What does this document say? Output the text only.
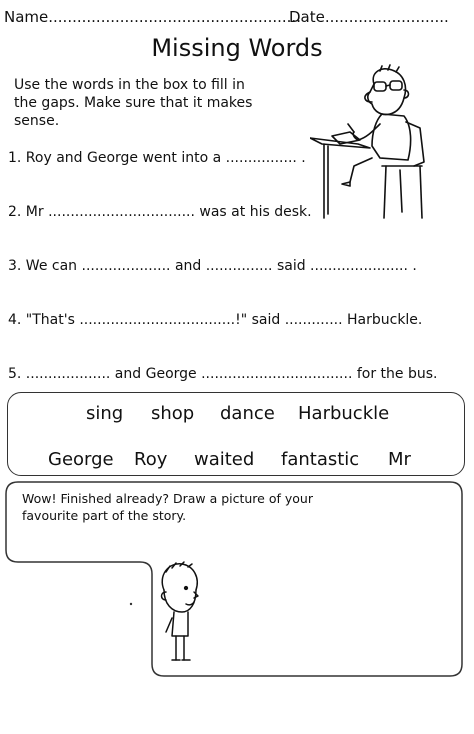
Name.....................................................
Date..........................
Missing Words
Use the words in the box to fill in the gaps. Make sure that it makes sense.
1. Roy and George went into a ................ .
2. Mr ................................. was at his desk.
3. We can .................... and ............... said ...................... .
4. "That's ...................................!" said ............. Harbuckle.
5. ................... and George .................................. for the bus.
sing shop dance Harbuckle
George Roy waited fantastic Mr
Wow! Finished already? Draw a picture of your favourite part of the story.
